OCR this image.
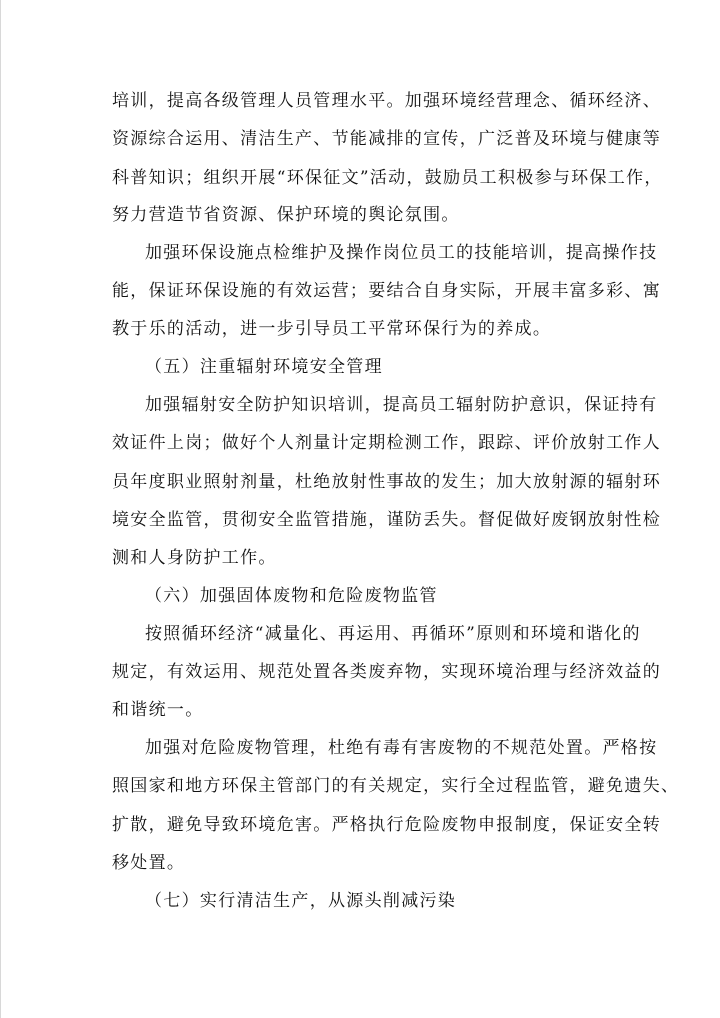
培训，提高各级管理人员管理水平。加强环境经营理念、循环经济、
资源综合运用、清洁生产、节能减排的宣传，广泛普及环境与健康等
科普知识；组织开展“环保征文”活动，鼓励员工积极参与环保工作，
努力营造节省资源、保护环境的舆论氛围。
加强环保设施点检维护及操作岗位员工的技能培训，提高操作技
能，保证环保设施的有效运营；要结合自身实际，开展丰富多彩、寓
教于乐的活动，进一步引导员工平常环保行为的养成。
（五）注重辐射环境安全管理
加强辐射安全防护知识培训，提高员工辐射防护意识，保证持有
效证件上岗；做好个人剂量计定期检测工作，跟踪、评价放射工作人
员年度职业照射剂量，杜绝放射性事故的发生；加大放射源的辐射环
境安全监管，贯彻安全监管措施，谨防丢失。督促做好废钢放射性检
测和人身防护工作。
（六）加强固体废物和危险废物监管
按照循环经济“减量化、再运用、再循环”原则和环境和谐化的
规定，有效运用、规范处置各类废弃物，实现环境治理与经济效益的
和谐统一。
加强对危险废物管理，杜绝有毒有害废物的不规范处置。严格按
照国家和地方环保主管部门的有关规定，实行全过程监管，避免遗失、
扩散，避免导致环境危害。严格执行危险废物申报制度，保证安全转
移处置。
（七）实行清洁生产，从源头削减污染
